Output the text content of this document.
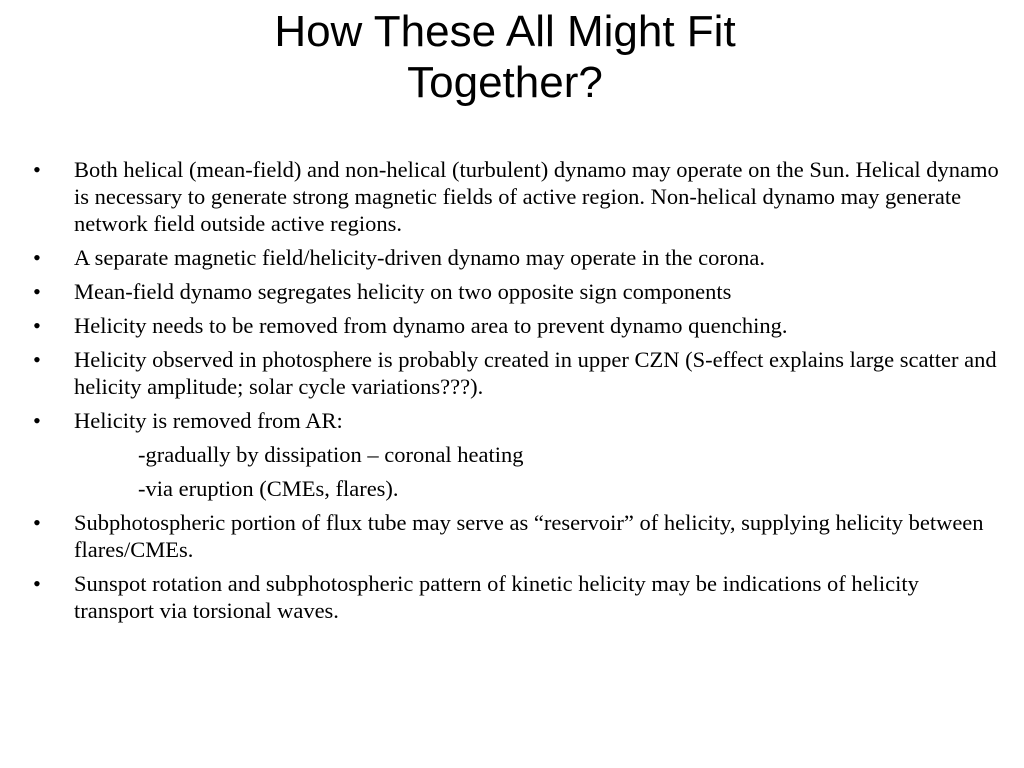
How These All Might Fit
Together?
• Both helical (mean-field) and non-helical (turbulent) dynamo may operate on the Sun. Helical dynamo is necessary to generate strong magnetic fields of active region. Non-helical dynamo may generate network field outside active regions.
• A separate magnetic field/helicity-driven dynamo may operate in the corona.
• Mean-field dynamo segregates helicity on two opposite sign components
• Helicity needs to be removed from dynamo area to prevent dynamo quenching.
• Helicity observed in photosphere is probably created in upper CZN (S-effect explains large scatter and helicity amplitude; solar cycle variations???).
• Helicity is removed from AR:
-gradually by dissipation – coronal heating
-via eruption (CMEs, flares).
• Subphotospheric portion of flux tube may serve as “reservoir” of helicity, supplying helicity between flares/CMEs.
• Sunspot rotation and subphotospheric pattern of kinetic helicity may be indications of helicity transport via torsional waves.
